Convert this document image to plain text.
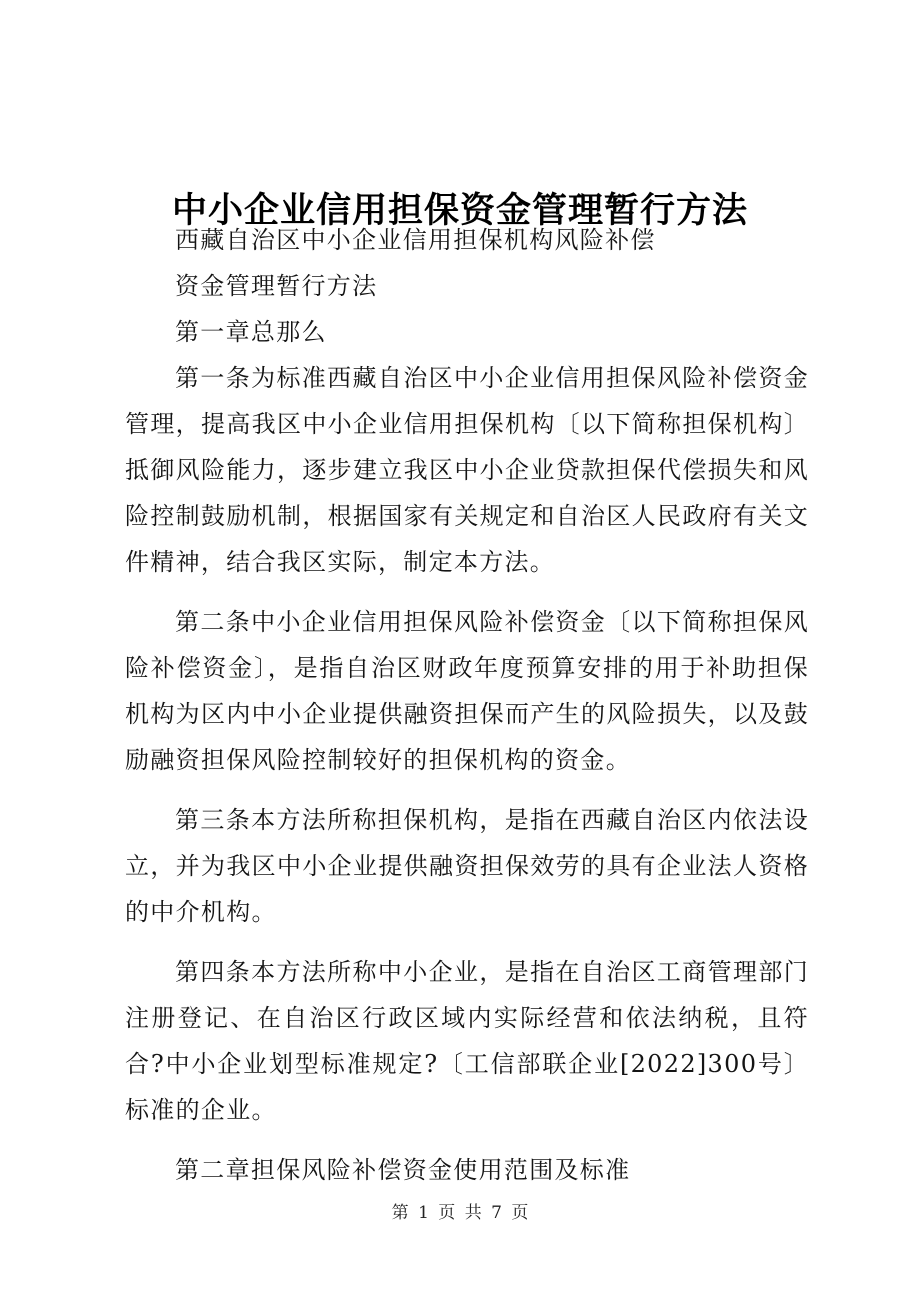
中小企业信用担保资金管理暂行方法

西藏自治区中小企业信用担保机构风险补偿

资金管理暂行方法

第一章总那么

第一条为标准西藏自治区中小企业信用担保风险补偿资金管理，提高我区中小企业信用担保机构〔以下简称担保机构〕抵御风险能力，逐步建立我区中小企业贷款担保代偿损失和风险控制鼓励机制，根据国家有关规定和自治区人民政府有关文件精神，结合我区实际，制定本方法。

第二条中小企业信用担保风险补偿资金〔以下简称担保风险补偿资金〕，是指自治区财政年度预算安排的用于补助担保机构为区内中小企业提供融资担保而产生的风险损失，以及鼓励融资担保风险控制较好的担保机构的资金。

第三条本方法所称担保机构，是指在西藏自治区内依法设立，并为我区中小企业提供融资担保效劳的具有企业法人资格的中介机构。

第四条本方法所称中小企业，是指在自治区工商管理部门注册登记、在自治区行政区域内实际经营和依法纳税，且符合?中小企业划型标准规定?〔工信部联企业[2022]300号〕标准的企业。

第二章担保风险补偿资金使用范围及标准

第 1 页 共 7 页
